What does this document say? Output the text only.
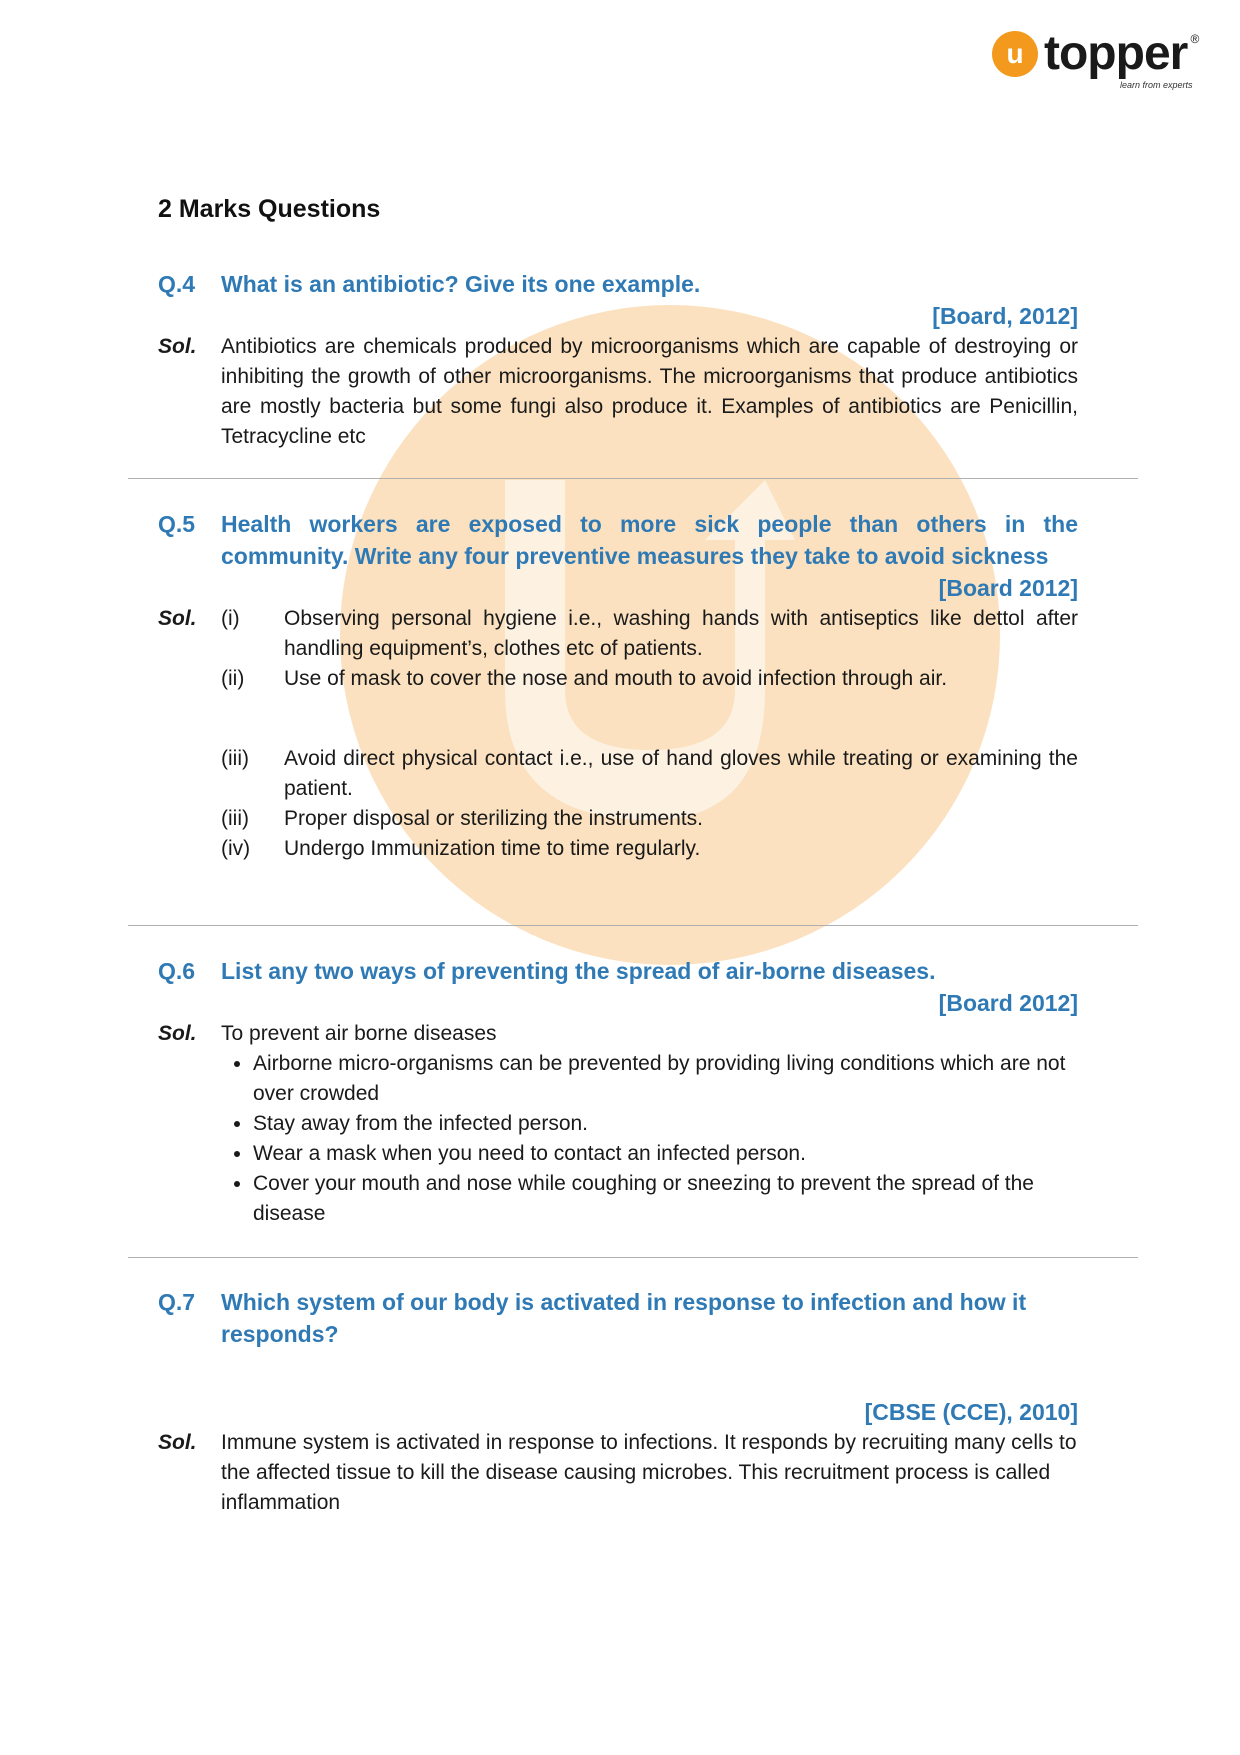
u topper ®
learn from experts
2 Marks Questions
Q.4	What is an antibiotic? Give its one example.
[Board, 2012]
Sol.	Antibiotics are chemicals produced by microorganisms which are capable of destroying or inhibiting the growth of other microorganisms. The microorganisms that produce antibiotics are mostly bacteria but some fungi also produce it. Examples of antibiotics are Penicillin, Tetracycline etc
Q.5	Health workers are exposed to more sick people than others in the community. Write any four preventive measures they take to avoid sickness
[Board 2012]
Sol.	(i)	Observing personal hygiene i.e., washing hands with antiseptics like dettol after handling equipment’s, clothes etc of patients.
(ii)	Use of mask to cover the nose and mouth to avoid infection through air.
(iii)	Avoid direct physical contact i.e., use of hand gloves while treating or examining the patient.
(iii)	Proper disposal or sterilizing the instruments.
(iv)	Undergo Immunization time to time regularly.
Q.6	List any two ways of preventing the spread of air-borne diseases.
[Board 2012]
Sol.	To prevent air borne diseases
• Airborne micro-organisms can be prevented by providing living conditions which are not over crowded
• Stay away from the infected person.
• Wear a mask when you need to contact an infected person.
• Cover your mouth and nose while coughing or sneezing to prevent the spread of the disease
Q.7	Which system of our body is activated in response to infection and how it responds?
[CBSE (CCE), 2010]
Sol.	Immune system is activated in response to infections. It responds by recruiting many cells to the affected tissue to kill the disease causing microbes. This recruitment process is called inflammation
